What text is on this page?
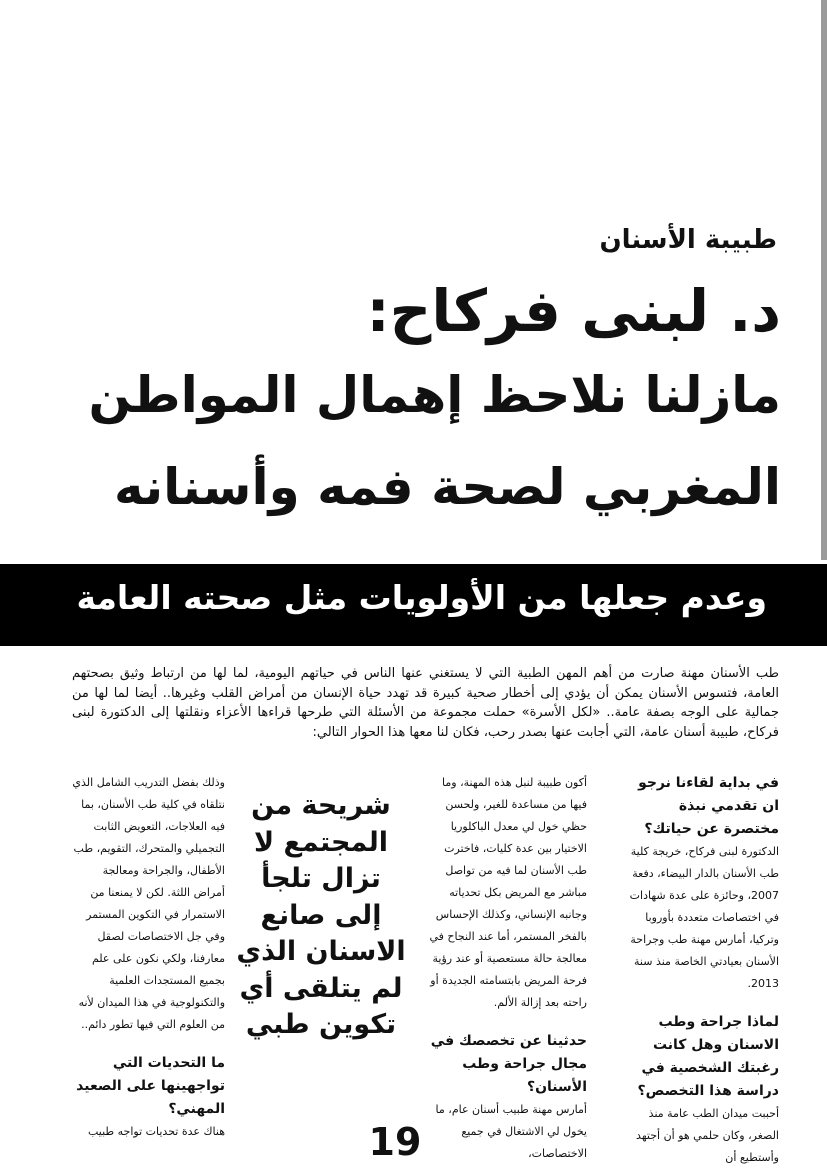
طبيبة الأسنان
د. لبنى فركاح:
مازلنا نلاحظ إهمال المواطن
المغربي لصحة فمه وأسنانه
وعدم جعلها من الأولويات مثل صحته العامة
طب الأسنان مهنة صارت من أهم المهن الطبية التي لا يستغني عنها الناس في حياتهم اليومية، لما لها من ارتباط وثيق بصحتهم العامة، فتسوس الأسنان يمكن أن يؤدي إلى أخطار صحية كبيرة قد تهدد حياة الإنسان من أمراض القلب وغيرها.. أيضا لما لها من جمالية على الوجه بصفة عامة.. «لكل الأسرة» حملت مجموعة من الأسئلة التي طرحها قراءها الأعزاء ونقلتها إلى الدكتورة لبنى فركاح، طبيبة أسنان عامة، التي أجابت عنها بصدر رحب، فكان لنا معها هذا الحوار التالي:

في بداية لقاءنا نرجو ان تقدمي نبذة مختصرة عن حياتك؟

الدكتورة لبنى فركاح، خريجة كلية طب الأسنان بالدار البيضاء، دفعة 2007، وحائزة على عدة شهادات في اختصاصات متعددة بأوروبا وتركيا، أمارس مهنة طب وجراحة الأسنان بعيادتي الخاصة منذ سنة 2013.

لماذا جراحة وطب الاسنان وهل كانت رغبتك الشخصية في دراسة هذا التخصص؟

أحببت ميدان الطب عامة منذ الصغر، وكان حلمي هو أن أجتهد وأستطيع أن

أكون طبيبة لنبل هذه المهنة، وما فيها من مساعدة للغير، ولحسن حظي خول لي معدل الباكلوريا الاختيار بين عدة كليات، فاخترت طب الأسنان لما فيه من تواصل مباشر مع المريض بكل تحدياته وجانبه الإنساني، وكذلك الإحساس بالفخر المستمر، أما عند النجاح في معالجة حالة مستعصية أو عند رؤية فرحة المريض بابتسامته الجديدة أو راحته بعد إزالة الألم.

حدثينا عن تخصصك في مجال جراحة وطب الأسنان؟

أمارس مهنة طبيب أسنان عام، ما يخول لي الاشتغال في جميع الاختصاصات،

شريحة من المجتمع لا تزال تلجأ إلى صانع الاسنان الذي لم يتلقى أي تكوين طبي

وذلك بفضل التدريب الشامل الذي نتلقاه في كلية طب الأسنان، بما فيه العلاجات، التعويض الثابت التجميلي والمتحرك، التقويم، طب الأطفال، والجراحة ومعالجة أمراض اللثة. لكن لا يمنعنا من الاستمرار في التكوين المستمر وفي جل الاختصاصات لصقل معارفنا، ولكي نكون على علم بجميع المستجدات العلمية والتكنولوجية في هذا الميدان لأنه من العلوم التي فيها تطور دائم..

ما التحديات التي تواجهينها على الصعيد المهني؟

هناك عدة تحديات تواجه طبيب	19
